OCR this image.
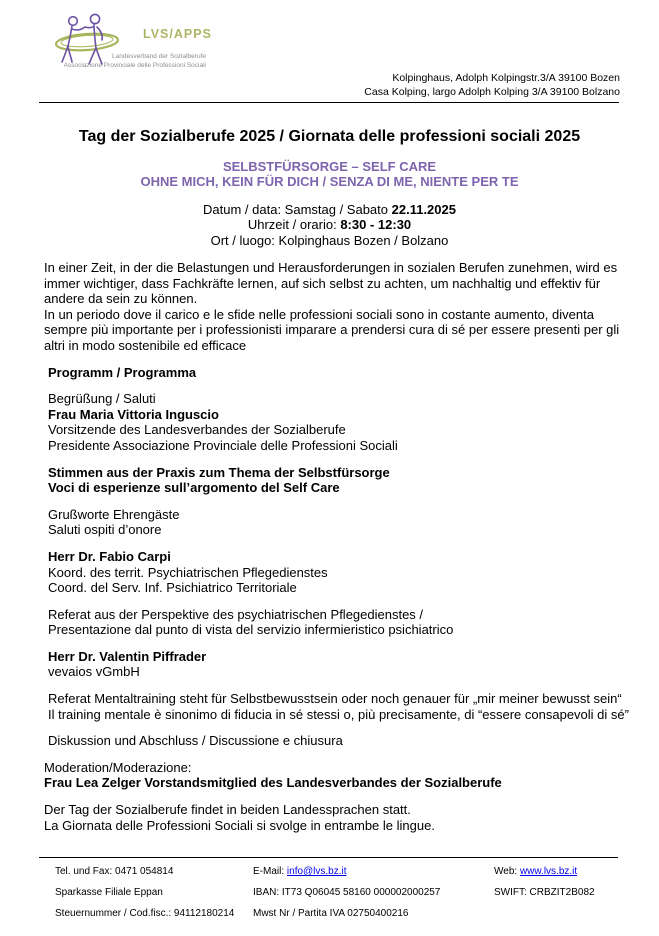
LVS/APPS
Landesverband der Sozialberufe
Associazione Provinciale delle Professioni Sociali
Kolpinghaus, Adolph Kolpingstr.3/A 39100 Bozen
Casa Kolping, largo Adolph Kolping 3/A 39100 Bolzano
Tag der Sozialberufe 2025 / Giornata delle professioni sociali 2025
SELBSTFÜRSORGE – SELF CARE
OHNE MICH, KEIN FÜR DICH / SENZA DI ME, NIENTE PER TE
Datum / data: Samstag / Sabato 22.11.2025
Uhrzeit / orario: 8:30 - 12:30
Ort / luogo: Kolpinghaus Bozen / Bolzano
In einer Zeit, in der die Belastungen und Herausforderungen in sozialen Berufen zunehmen, wird es
immer wichtiger, dass Fachkräfte lernen, auf sich selbst zu achten, um nachhaltig und effektiv für
andere da sein zu können.
In un periodo dove il carico e le sfide nelle professioni sociali sono in costante aumento, diventa
sempre più importante per i professionisti imparare a prendersi cura di sé per essere presenti per gli
altri in modo sostenibile ed efficace
Programm / Programma
Begrüßung / Saluti
Frau Maria Vittoria Inguscio
Vorsitzende des Landesverbandes der Sozialberufe
Presidente Associazione Provinciale delle Professioni Sociali
Stimmen aus der Praxis zum Thema der Selbstfürsorge
Voci di esperienze sull’argomento del Self Care
Grußworte Ehrengäste
Saluti ospiti d’onore
Herr Dr. Fabio Carpi
Koord. des territ. Psychiatrischen Pflegedienstes
Coord. del Serv. Inf. Psichiatrico Territoriale
Referat aus der Perspektive des psychiatrischen Pflegedienstes /
Presentazione dal punto di vista del servizio infermieristico psichiatrico
Herr Dr. Valentin Piffrader
vevaios vGmbH
Referat Mentaltraining steht für Selbstbewusstsein oder noch genauer für „mir meiner bewusst sein“
Il training mentale è sinonimo di fiducia in sé stessi o, più precisamente, di “essere consapevoli di sé”
Diskussion und Abschluss / Discussione e chiusura
Moderation/Moderazione:
Frau Lea Zelger Vorstandsmitglied des Landesverbandes der Sozialberufe
Der Tag der Sozialberufe findet in beiden Landessprachen statt.
La Giornata delle Professioni Sociali si svolge in entrambe le lingue.
Tel. und Fax: 0471 054814
Sparkasse Filiale Eppan
Steuernummer / Cod.fisc.: 94112180214
E-Mail: info@lvs.bz.it
IBAN: IT73 Q06045 58160 000002000257
Mwst Nr / Partita IVA 02750400216
Web: www.lvs.bz.it
SWIFT: CRBZIT2B082
